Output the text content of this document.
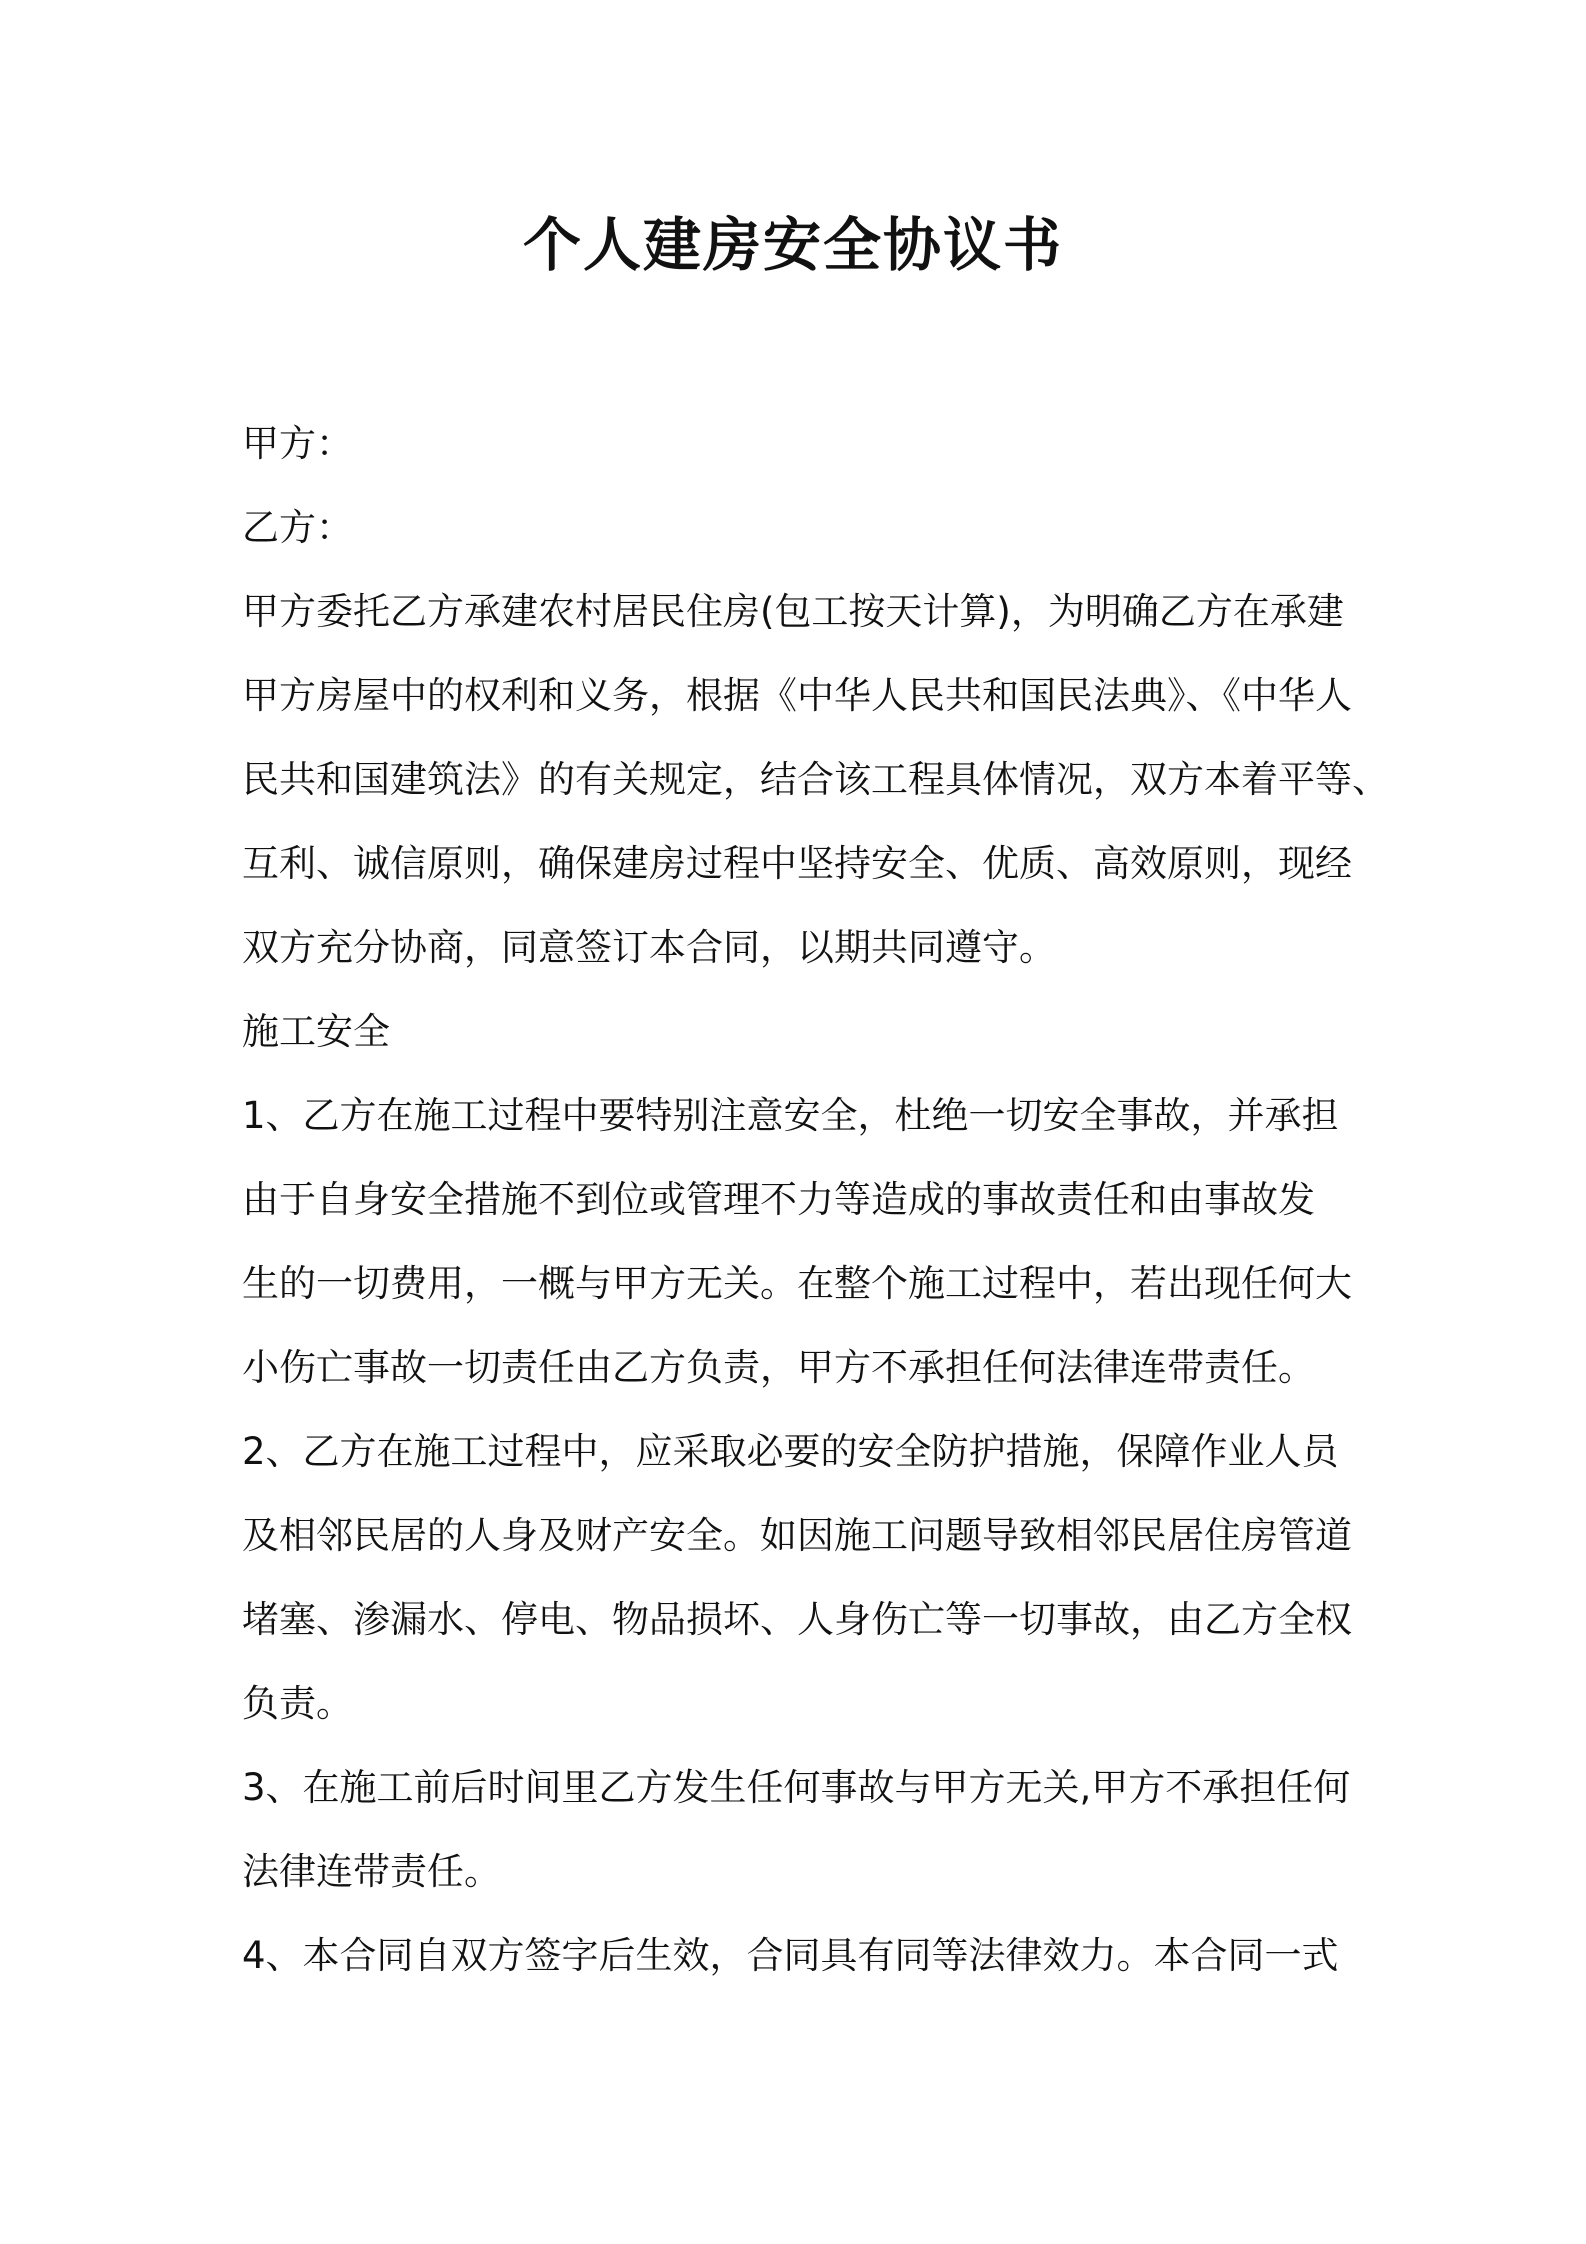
个人建房安全协议书
甲方：
乙方：
甲方委托乙方承建农村居民住房(包工按天计算)，为明确乙方在承建
甲方房屋中的权利和义务，根据《中华人民共和国民法典》、《中华人
民共和国建筑法》的有关规定，结合该工程具体情况，双方本着平等、
互利、诚信原则，确保建房过程中坚持安全、优质、高效原则，现经
双方充分协商，同意签订本合同，以期共同遵守。
施工安全
1、乙方在施工过程中要特别注意安全，杜绝一切安全事故，并承担
由于自身安全措施不到位或管理不力等造成的事故责任和由事故发
生的一切费用，一概与甲方无关。在整个施工过程中，若出现任何大
小伤亡事故一切责任由乙方负责，甲方不承担任何法律连带责任。
2、乙方在施工过程中，应采取必要的安全防护措施，保障作业人员
及相邻民居的人身及财产安全。如因施工问题导致相邻民居住房管道
堵塞、渗漏水、停电、物品损坏、人身伤亡等一切事故，由乙方全权
负责。
3、在施工前后时间里乙方发生任何事故与甲方无关,甲方不承担任何
法律连带责任。
4、本合同自双方签字后生效，合同具有同等法律效力。本合同一式
